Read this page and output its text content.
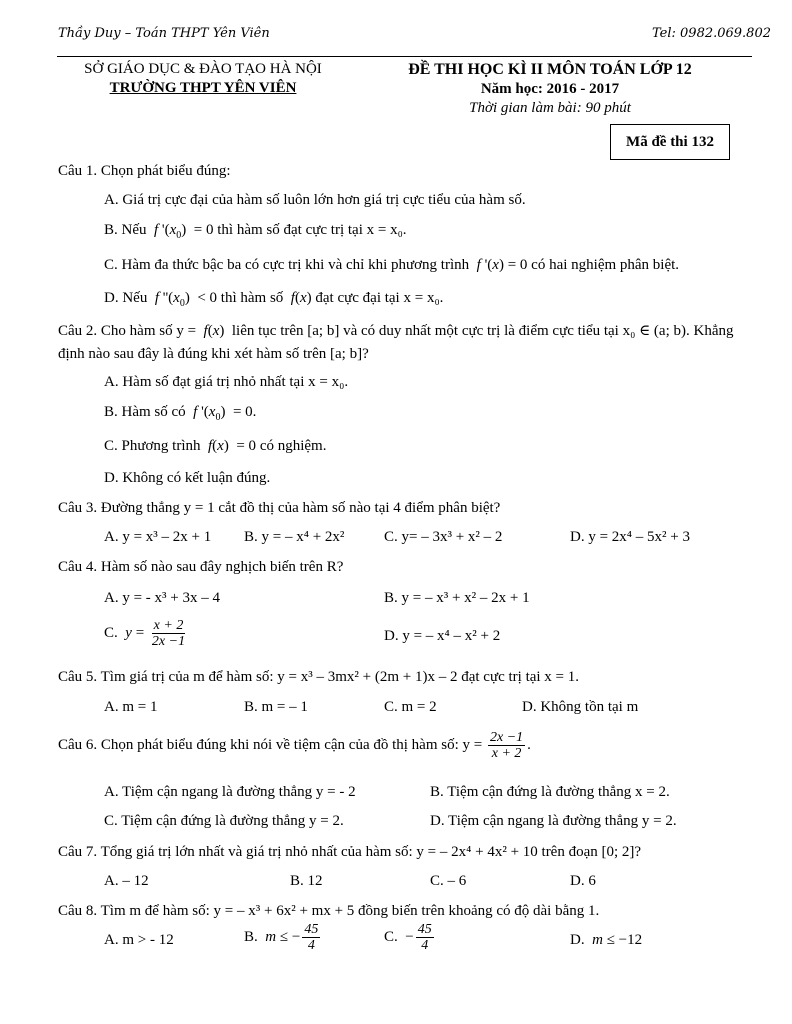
Thầy Duy – Toán THPT Yên Viên	Tel: 0982.069.802
SỞ GIÁO DỤC & ĐÀO TẠO HÀ NỘI
TRƯỜNG THPT YÊN VIÊN
ĐỀ THI HỌC KÌ II MÔN TOÁN LỚP 12
Năm học: 2016 - 2017
Thời gian làm bài: 90 phút
Mã đề thi 132
Câu 1. Chọn phát biểu đúng:
A. Giá trị cực đại của hàm số luôn lớn hơn giá trị cực tiểu của hàm số.
B. Nếu  f '$(x_0) = 0$ thì hàm số đạt cực trị tại x = x₀.
C. Hàm đa thức bậc ba có cực trị khi và chỉ khi phương trình  f '(x) = 0 có hai nghiệm phân biệt.
D. Nếu  f ''$(x_0) < 0$ thì hàm số  f(x) đạt cực đại tại x = x₀.
Câu 2. Cho hàm số y = f(x)  liên tục trên [a; b] và có duy nhất một cực trị là điểm cực tiểu tại x₀ ∈ (a; b). Khẳng định nào sau đây là đúng khi xét hàm số trên [a; b]?
A. Hàm số đạt giá trị nhỏ nhất tại x = x₀.
B. Hàm số có  f '$(x_0) = 0$.
C. Phương trình  f(x)  = 0 có nghiệm.
D. Không có kết luận đúng.
Câu 3. Đường thẳng y = 1 cắt đồ thị của hàm số nào tại 4 điểm phân biệt?
A. y = x³ – 2x + 1 B. y = – x⁴ + 2x²	C. y= – 3x³ + x² – 2	D. y = 2x⁴ – 5x² + 3
Câu 4. Hàm số nào sau đây nghịch biến trên R?
A. y = - x³ + 3x – 4	B. y = – x³ + x² – 2x + 1
C.  $y = \frac{x + 2}{2x -1}$	D. y = – x⁴ – x² + 2
Câu 5. Tìm giá trị của m để hàm số: y = x³ – 3mx² + (2m + 1)x – 2 đạt cực trị tại x = 1.
A. m = 1	B. m = – 1	C. m = 2	D. Không tồn tại m
Câu 6. Chọn phát biểu đúng khi nói về tiệm cận của đồ thị hàm số: $y = \frac{2x -1}{x + 2}$ .
A. Tiệm cận ngang là đường thẳng y = - 2	B. Tiệm cận đứng là đường thẳng x = 2.
C. Tiệm cận đứng là đường thẳng y = 2.	D. Tiệm cận ngang là đường thẳng y = 2.
Câu 7. Tổng giá trị lớn nhất và giá trị nhỏ nhất của hàm số: y = – 2x⁴ + 4x² + 10 trên đoạn [0; 2]?
A. – 12	B. 12	C. – 6	D. 6
Câu 8. Tìm m để hàm số: y = – x³ + 6x² + mx + 5 đồng biến trên khoảng có độ dài bằng 1.
A. m > - 12	B.  m ≤ − $\frac{45}{4}$	C.  − $\frac{45}{4}$	D.  m ≤ −12
